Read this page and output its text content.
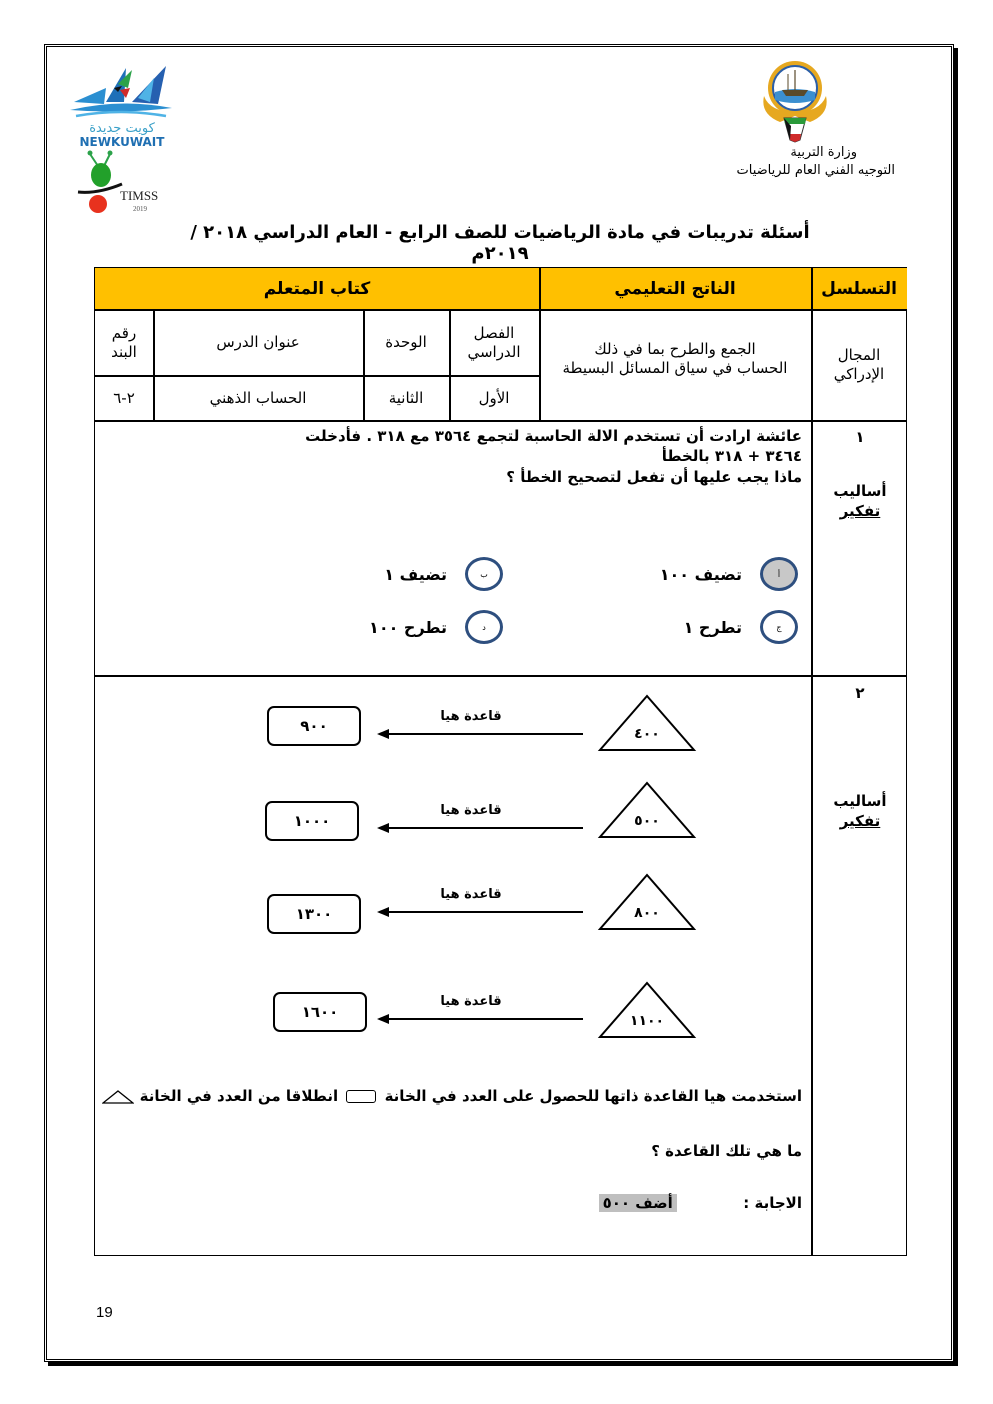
كويت جديدة
NEWKUWAIT
TIMSS
2019
وزارة التربية
التوجيه الفني العام للرياضيات
أسئلة تدريبات في مادة الرياضيات للصف الرابع - العام الدراسي ٢٠١٨ / ٢٠١٩م
التسلسل
الناتج التعليمي
كتاب المتعلم
المجال الإدراكي
الجمع والطرح بما في ذلك
الحساب في سياق المسائل البسيطة
الفصل الدراسي
الوحدة
عنوان الدرس
رقم البند
الأول
الثانية
الحساب الذهني
٢-٦
١
أساليب
تفكير
عائشة ارادت أن تستخدم الالة الحاسبة لتجمع ٣٥٦٤ مع ٣١٨ . فأدخلت
٣٤٦٤ + ٣١٨ بالخطأ
ماذا يجب عليها أن تفعل لتصحيح الخطأ ؟
أ
تضيف ١٠٠
ب
تضيف ١
ج
تطرح ١
د
تطرح ١٠٠
٢
أساليب
تفكير
٤٠٠
قاعدة هيا
٩٠٠
٥٠٠
قاعدة هيا
١٠٠٠
٨٠٠
قاعدة هيا
١٣٠٠
١١٠٠
قاعدة هيا
١٦٠٠
استخدمت هيا القاعدة ذاتها للحصول على العدد في الخانة  انطلاقا من العدد في الخانة
ما هي تلك القاعدة ؟
الاجابة :  أضف ٥٠٠
19
